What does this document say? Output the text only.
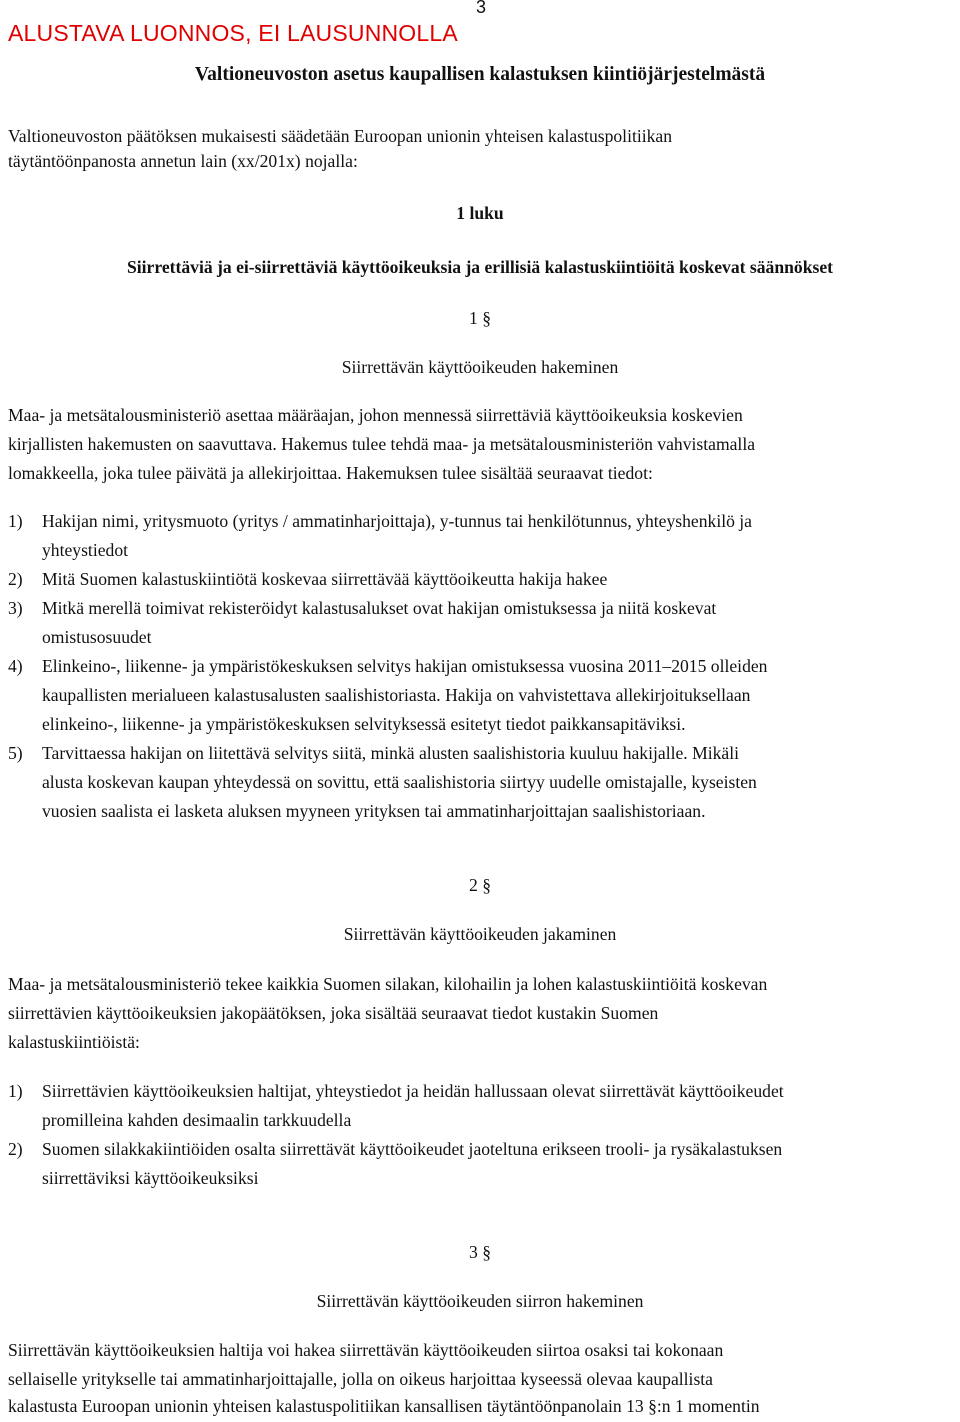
ALUSTAVA LUONNOS, EI LAUSUNNOLLA
3
Valtioneuvoston asetus kaupallisen kalastuksen kiintiöjärjestelmästä

Valtioneuvoston päätöksen mukaisesti säädetään Euroopan unionin yhteisen kalastuspolitiikan

täytäntöönpanosta annetun lain (xx/201x) nojalla:

1 luku

Siirrettäviä ja ei-siirrettäviä käyttöoikeuksia ja erillisiä kalastuskiintiöitä koskevat säännökset

1 §

Siirrettävän käyttöoikeuden hakeminen

Maa- ja metsätalousministeriö asettaa määräajan, johon mennessä siirrettäviä käyttöoikeuksia koskevien

kirjallisten hakemusten on saavuttava. Hakemus tulee tehdä maa- ja metsätalousministeriön vahvistamalla

lomakkeella, joka tulee päivätä ja allekirjoittaa. Hakemuksen tulee sisältää seuraavat tiedot:

1) Hakijan nimi, yritysmuoto (yritys / ammatinharjoittaja), y-tunnus tai henkilötunnus, yhteyshenkilö ja
yhteystiedot
2) Mitä Suomen kalastuskiintiötä koskevaa siirrettävää käyttöoikeutta hakija hakee
3) Mitkä merellä toimivat rekisteröidyt kalastusalukset ovat hakijan omistuksessa ja niitä koskevat
omistusosuudet
4) Elinkeino-, liikenne- ja ympäristökeskuksen selvitys hakijan omistuksessa vuosina 2011–2015 olleiden
kaupallisten merialueen kalastusalusten saalishistoriasta. Hakija on vahvistettava allekirjoituksellaan
elinkeino-, liikenne- ja ympäristökeskuksen selvityksessä esitetyt tiedot paikkansapitäviksi.
5) Tarvittaessa hakijan on liitettävä selvitys siitä, minkä alusten saalishistoria kuuluu hakijalle. Mikäli
alusta koskevan kaupan yhteydessä on sovittu, että saalishistoria siirtyy uudelle omistajalle, kyseisten
vuosien saalista ei lasketa aluksen myyneen yrityksen tai ammatinharjoittajan saalishistoriaan.

2 §

Siirrettävän käyttöoikeuden jakaminen

Maa- ja metsätalousministeriö tekee kaikkia Suomen silakan, kilohailin ja lohen kalastuskiintiöitä koskevan

siirrettävien käyttöoikeuksien jakopäätöksen, joka sisältää seuraavat tiedot kustakin Suomen

kalastuskiintiöistä:

1) Siirrettävien käyttöoikeuksien haltijat, yhteystiedot ja heidän hallussaan olevat siirrettävät käyttöoikeudet
promilleina kahden desimaalin tarkkuudella
2) Suomen silakkakiintiöiden osalta siirrettävät käyttöoikeudet jaoteltuna erikseen trooli- ja rysäkalastuksen
siirrettäviksi käyttöoikeuksiksi

3 §

Siirrettävän käyttöoikeuden siirron hakeminen

Siirrettävän käyttöoikeuksien haltija voi hakea siirrettävän käyttöoikeuden siirtoa osaksi tai kokonaan

sellaiselle yritykselle tai ammatinharjoittajalle, jolla on oikeus harjoittaa kyseessä olevaa kaupallista

kalastusta Euroopan unionin yhteisen kalastuspolitiikan kansallisen täytäntöönpanolain 13 §:n 1 momentin
